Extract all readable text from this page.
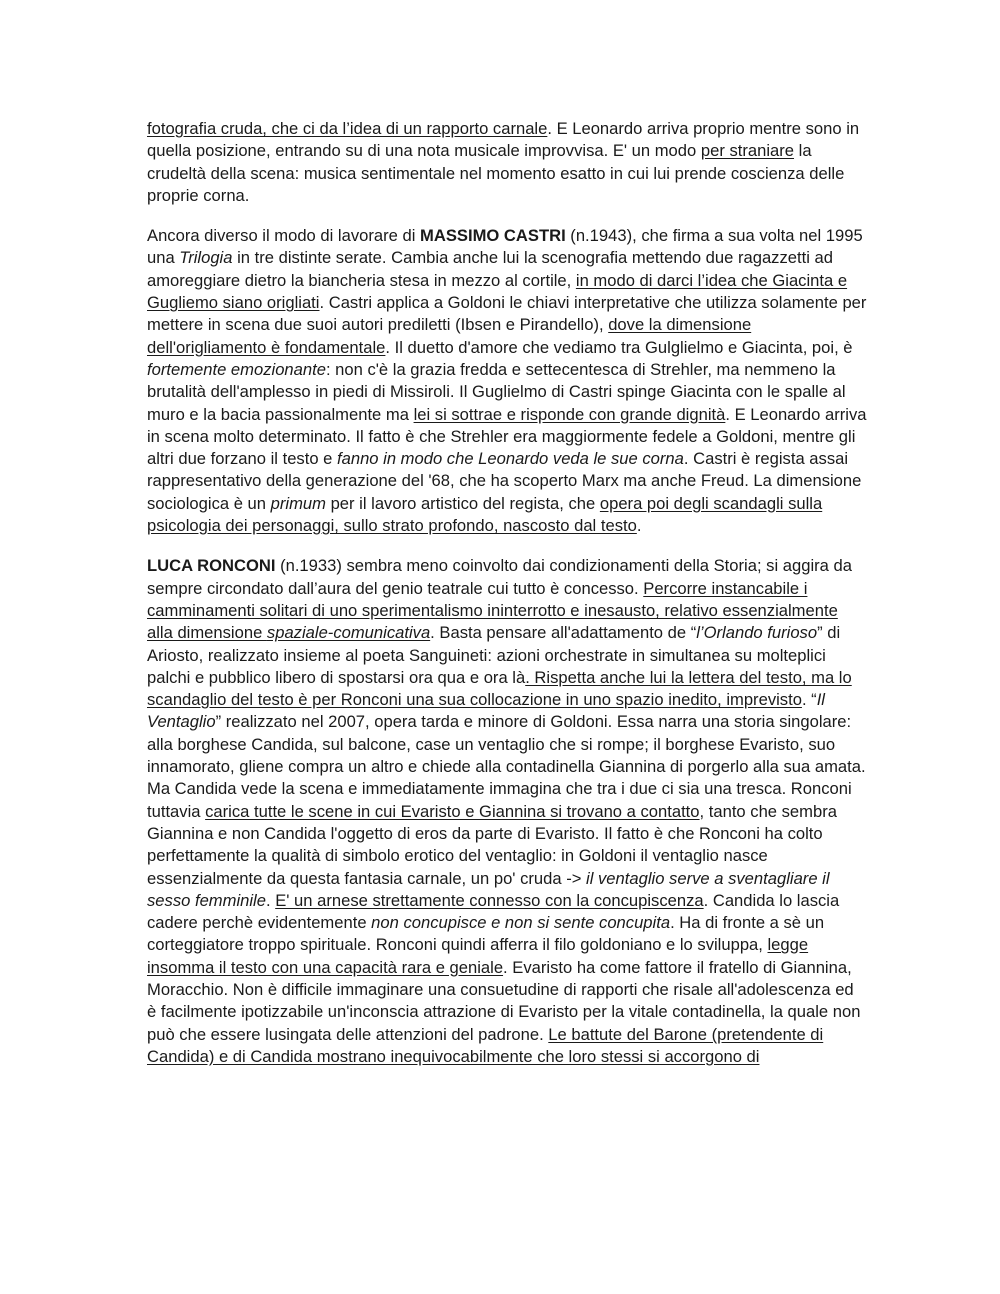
fotografia cruda, che ci da l’idea di un rapporto carnale. E Leonardo arriva proprio mentre sono in quella posizione, entrando su di una nota musicale improvvisa. E' un modo per straniare la crudeltà della scena: musica sentimentale nel momento esatto in cui lui prende coscienza delle proprie corna.

Ancora diverso il modo di lavorare di MASSIMO CASTRI (n.1943), che firma a sua volta nel 1995 una Trilogia in tre distinte serate. Cambia anche lui la scenografia mettendo due ragazzetti ad amoreggiare dietro la biancheria stesa in mezzo al cortile, in modo di darci l’idea che Giacinta e Gugliemo siano origliati. Castri applica a Goldoni le chiavi interpretative che utilizza solamente per mettere in scena due suoi autori prediletti (Ibsen e Pirandello), dove la dimensione dell'origliamento è fondamentale. Il duetto d'amore che vediamo tra Gulglielmo e Giacinta, poi, è fortemente emozionante: non c'è la grazia fredda e settecentesca di Strehler, ma nemmeno la brutalità dell'amplesso in piedi di Missiroli. Il Guglielmo di Castri spinge Giacinta con le spalle al muro e la bacia passionalmente ma lei si sottrae e risponde con grande dignità. E Leonardo arriva in scena molto determinato. Il fatto è che Strehler era maggiormente fedele a Goldoni, mentre gli altri due forzano il testo e fanno in modo che Leonardo veda le sue corna. Castri è regista assai rappresentativo della generazione del '68, che ha scoperto Marx ma anche Freud. La dimensione sociologica è un primum per il lavoro artistico del regista, che opera poi degli scandagli sulla psicologia dei personaggi, sullo strato profondo, nascosto dal testo.

LUCA RONCONI (n.1933) sembra meno coinvolto dai condizionamenti della Storia; si aggira da sempre circondato dall’aura del genio teatrale cui tutto è concesso. Percorre instancabile i camminamenti solitari di uno sperimentalismo ininterrotto e inesausto, relativo essenzialmente alla dimensione spaziale-comunicativa. Basta pensare all'adattamento de “l’Orlando furioso” di Ariosto, realizzato insieme al poeta Sanguineti: azioni orchestrate in simultanea su molteplici palchi e pubblico libero di spostarsi ora qua e ora là. Rispetta anche lui la lettera del testo, ma lo scandaglio del testo è per Ronconi una sua collocazione in uno spazio inedito, imprevisto. “Il Ventaglio” realizzato nel 2007, opera tarda e minore di Goldoni. Essa narra una storia singolare: alla borghese Candida, sul balcone, case un ventaglio che si rompe; il borghese Evaristo, suo innamorato, gliene compra un altro e chiede alla contadinella Giannina di porgerlo alla sua amata. Ma Candida vede la scena e immediatamente immagina che tra i due ci sia una tresca. Ronconi tuttavia carica tutte le scene in cui Evaristo e Giannina si trovano a contatto, tanto che sembra Giannina e non Candida l'oggetto di eros da parte di Evaristo. Il fatto è che Ronconi ha colto perfettamente la qualità di simbolo erotico del ventaglio: in Goldoni il ventaglio nasce essenzialmente da questa fantasia carnale, un po' cruda -> il ventaglio serve a sventagliare il sesso femminile. E' un arnese strettamente connesso con la concupiscenza. Candida lo lascia cadere perchè evidentemente non concupisce e non si sente concupita. Ha di fronte a sè un corteggiatore troppo spirituale. Ronconi quindi afferra il filo goldoniano e lo sviluppa, legge insomma il testo con una capacità rara e geniale. Evaristo ha come fattore il fratello di Giannina, Moracchio. Non è difficile immaginare una consuetudine di rapporti che risale all'adolescenza ed è facilmente ipotizzabile un'inconscia attrazione di Evaristo per la vitale contadinella, la quale non può che essere lusingata delle attenzioni del padrone. Le battute del Barone (pretendente di Candida) e di Candida mostrano inequivocabilmente che loro stessi si accorgono di
